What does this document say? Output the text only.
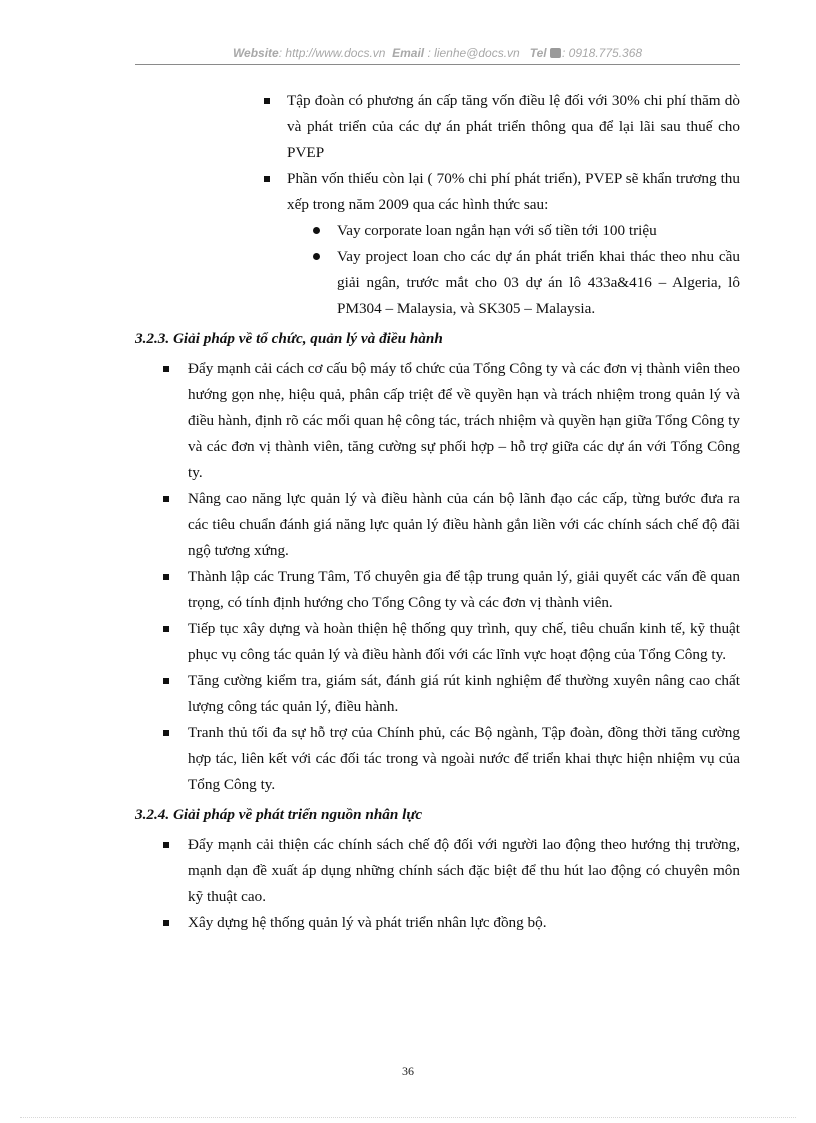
Website: http://www.docs.vn Email : lienhe@docs.vn Tel : 0918.775.368
Tập đoàn có phương án cấp tăng vốn điều lệ đối với 30% chi phí thăm dò và phát triển của các dự án phát triển thông qua để lại lãi sau thuế cho PVEP
Phần vốn thiếu còn lại ( 70% chi phí phát triển), PVEP sẽ khẩn trương thu xếp trong năm 2009 qua các hình thức sau:
Vay corporate loan ngắn hạn với số tiền tới 100 triệu
Vay project loan cho các dự án phát triển khai thác theo nhu cầu giải ngân, trước mắt cho 03 dự án lô 433a&416 – Algeria, lô PM304 – Malaysia, và SK305 – Malaysia.
3.2.3. Giải pháp về tổ chức, quản lý và điều hành
Đẩy mạnh cải cách cơ cấu bộ máy tổ chức của Tổng Công ty và các đơn vị thành viên theo hướng gọn nhẹ, hiệu quả, phân cấp triệt để về quyền hạn và trách nhiệm trong quản lý và điều hành, định rõ các mối quan hệ công tác, trách nhiệm và quyền hạn giữa Tổng Công ty và các đơn vị thành viên, tăng cường sự phối hợp – hỗ trợ giữa các dự án với Tổng Công ty.
Nâng cao năng lực quản lý và điều hành của cán bộ lãnh đạo các cấp, từng bước đưa ra các tiêu chuẩn đánh giá năng lực quản lý điều hành gắn liền với các chính sách chế độ đãi ngộ tương xứng.
Thành lập các Trung Tâm, Tổ chuyên gia để tập trung quản lý, giải quyết các vấn đề quan trọng, có tính định hướng cho Tổng Công ty và các đơn vị thành viên.
Tiếp tục xây dựng và hoàn thiện hệ thống quy trình, quy chế, tiêu chuẩn kinh tế, kỹ thuật phục vụ công tác quản lý và điều hành đối với các lĩnh vực hoạt động của Tổng Công ty.
Tăng cường kiểm tra, giám sát, đánh giá rút kinh nghiệm để thường xuyên nâng cao chất lượng công tác quản lý, điều hành.
Tranh thủ tối đa sự hỗ trợ của Chính phủ, các Bộ ngành, Tập đoàn, đồng thời tăng cường hợp tác, liên kết với các đối tác trong và ngoài nước để triển khai thực hiện nhiệm vụ của Tổng Công ty.
3.2.4. Giải pháp về phát triển nguồn nhân lực
Đẩy mạnh cải thiện các chính sách chế độ đối với người lao động theo hướng thị trường, mạnh dạn đề xuất áp dụng những chính sách đặc biệt để thu hút lao động có chuyên môn kỹ thuật cao.
Xây dựng hệ thống quản lý và phát triển nhân lực đồng bộ.
36
